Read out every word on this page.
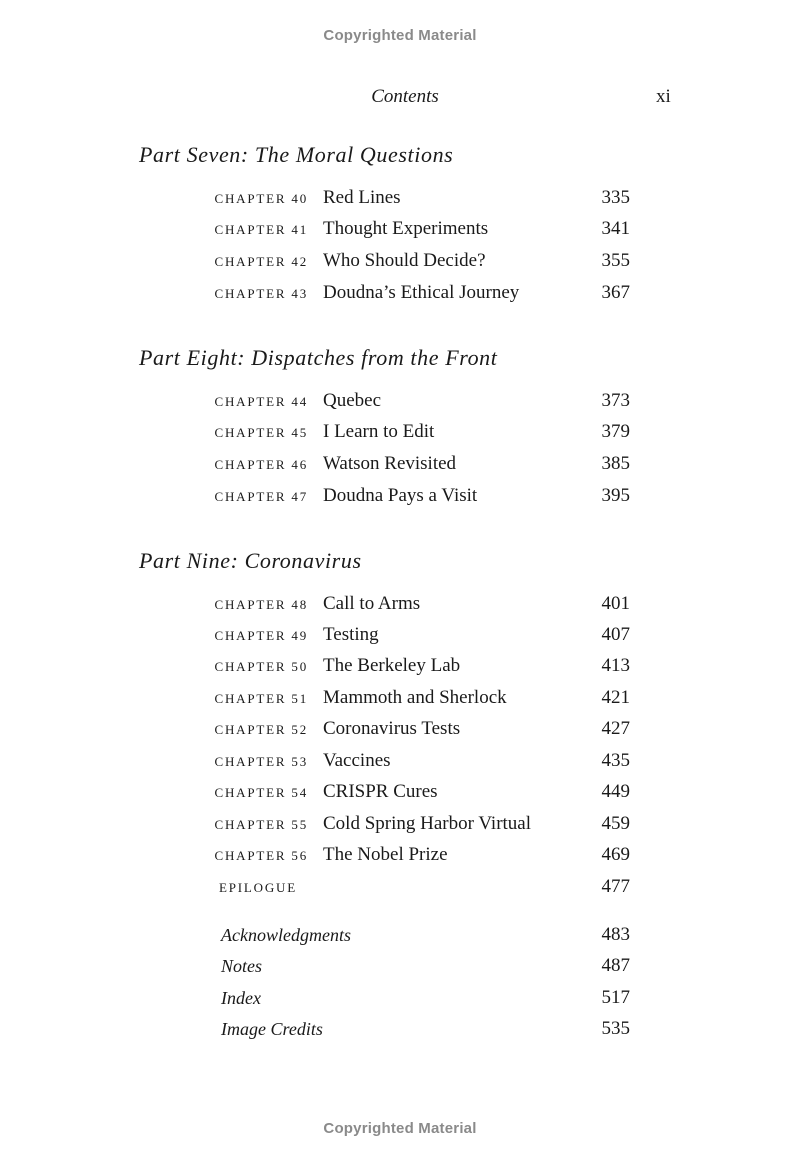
Copyrighted Material
Contents	xi
Part Seven: The Moral Questions
CHAPTER 40 Red Lines	335
CHAPTER 41 Thought Experiments	341
CHAPTER 42 Who Should Decide?	355
CHAPTER 43 Doudna’s Ethical Journey	367
Part Eight: Dispatches from the Front
CHAPTER 44 Quebec	373
CHAPTER 45 I Learn to Edit	379
CHAPTER 46 Watson Revisited	385
CHAPTER 47 Doudna Pays a Visit	395
Part Nine: Coronavirus
CHAPTER 48 Call to Arms	401
CHAPTER 49 Testing	407
CHAPTER 50 The Berkeley Lab	413
CHAPTER 51 Mammoth and Sherlock	421
CHAPTER 52 Coronavirus Tests	427
CHAPTER 53 Vaccines	435
CHAPTER 54 CRISPR Cures	449
CHAPTER 55 Cold Spring Harbor Virtual	459
CHAPTER 56 The Nobel Prize	469
EPILOGUE	477
Acknowledgments	483
Notes	487
Index	517
Image Credits	535
Copyrighted Material
